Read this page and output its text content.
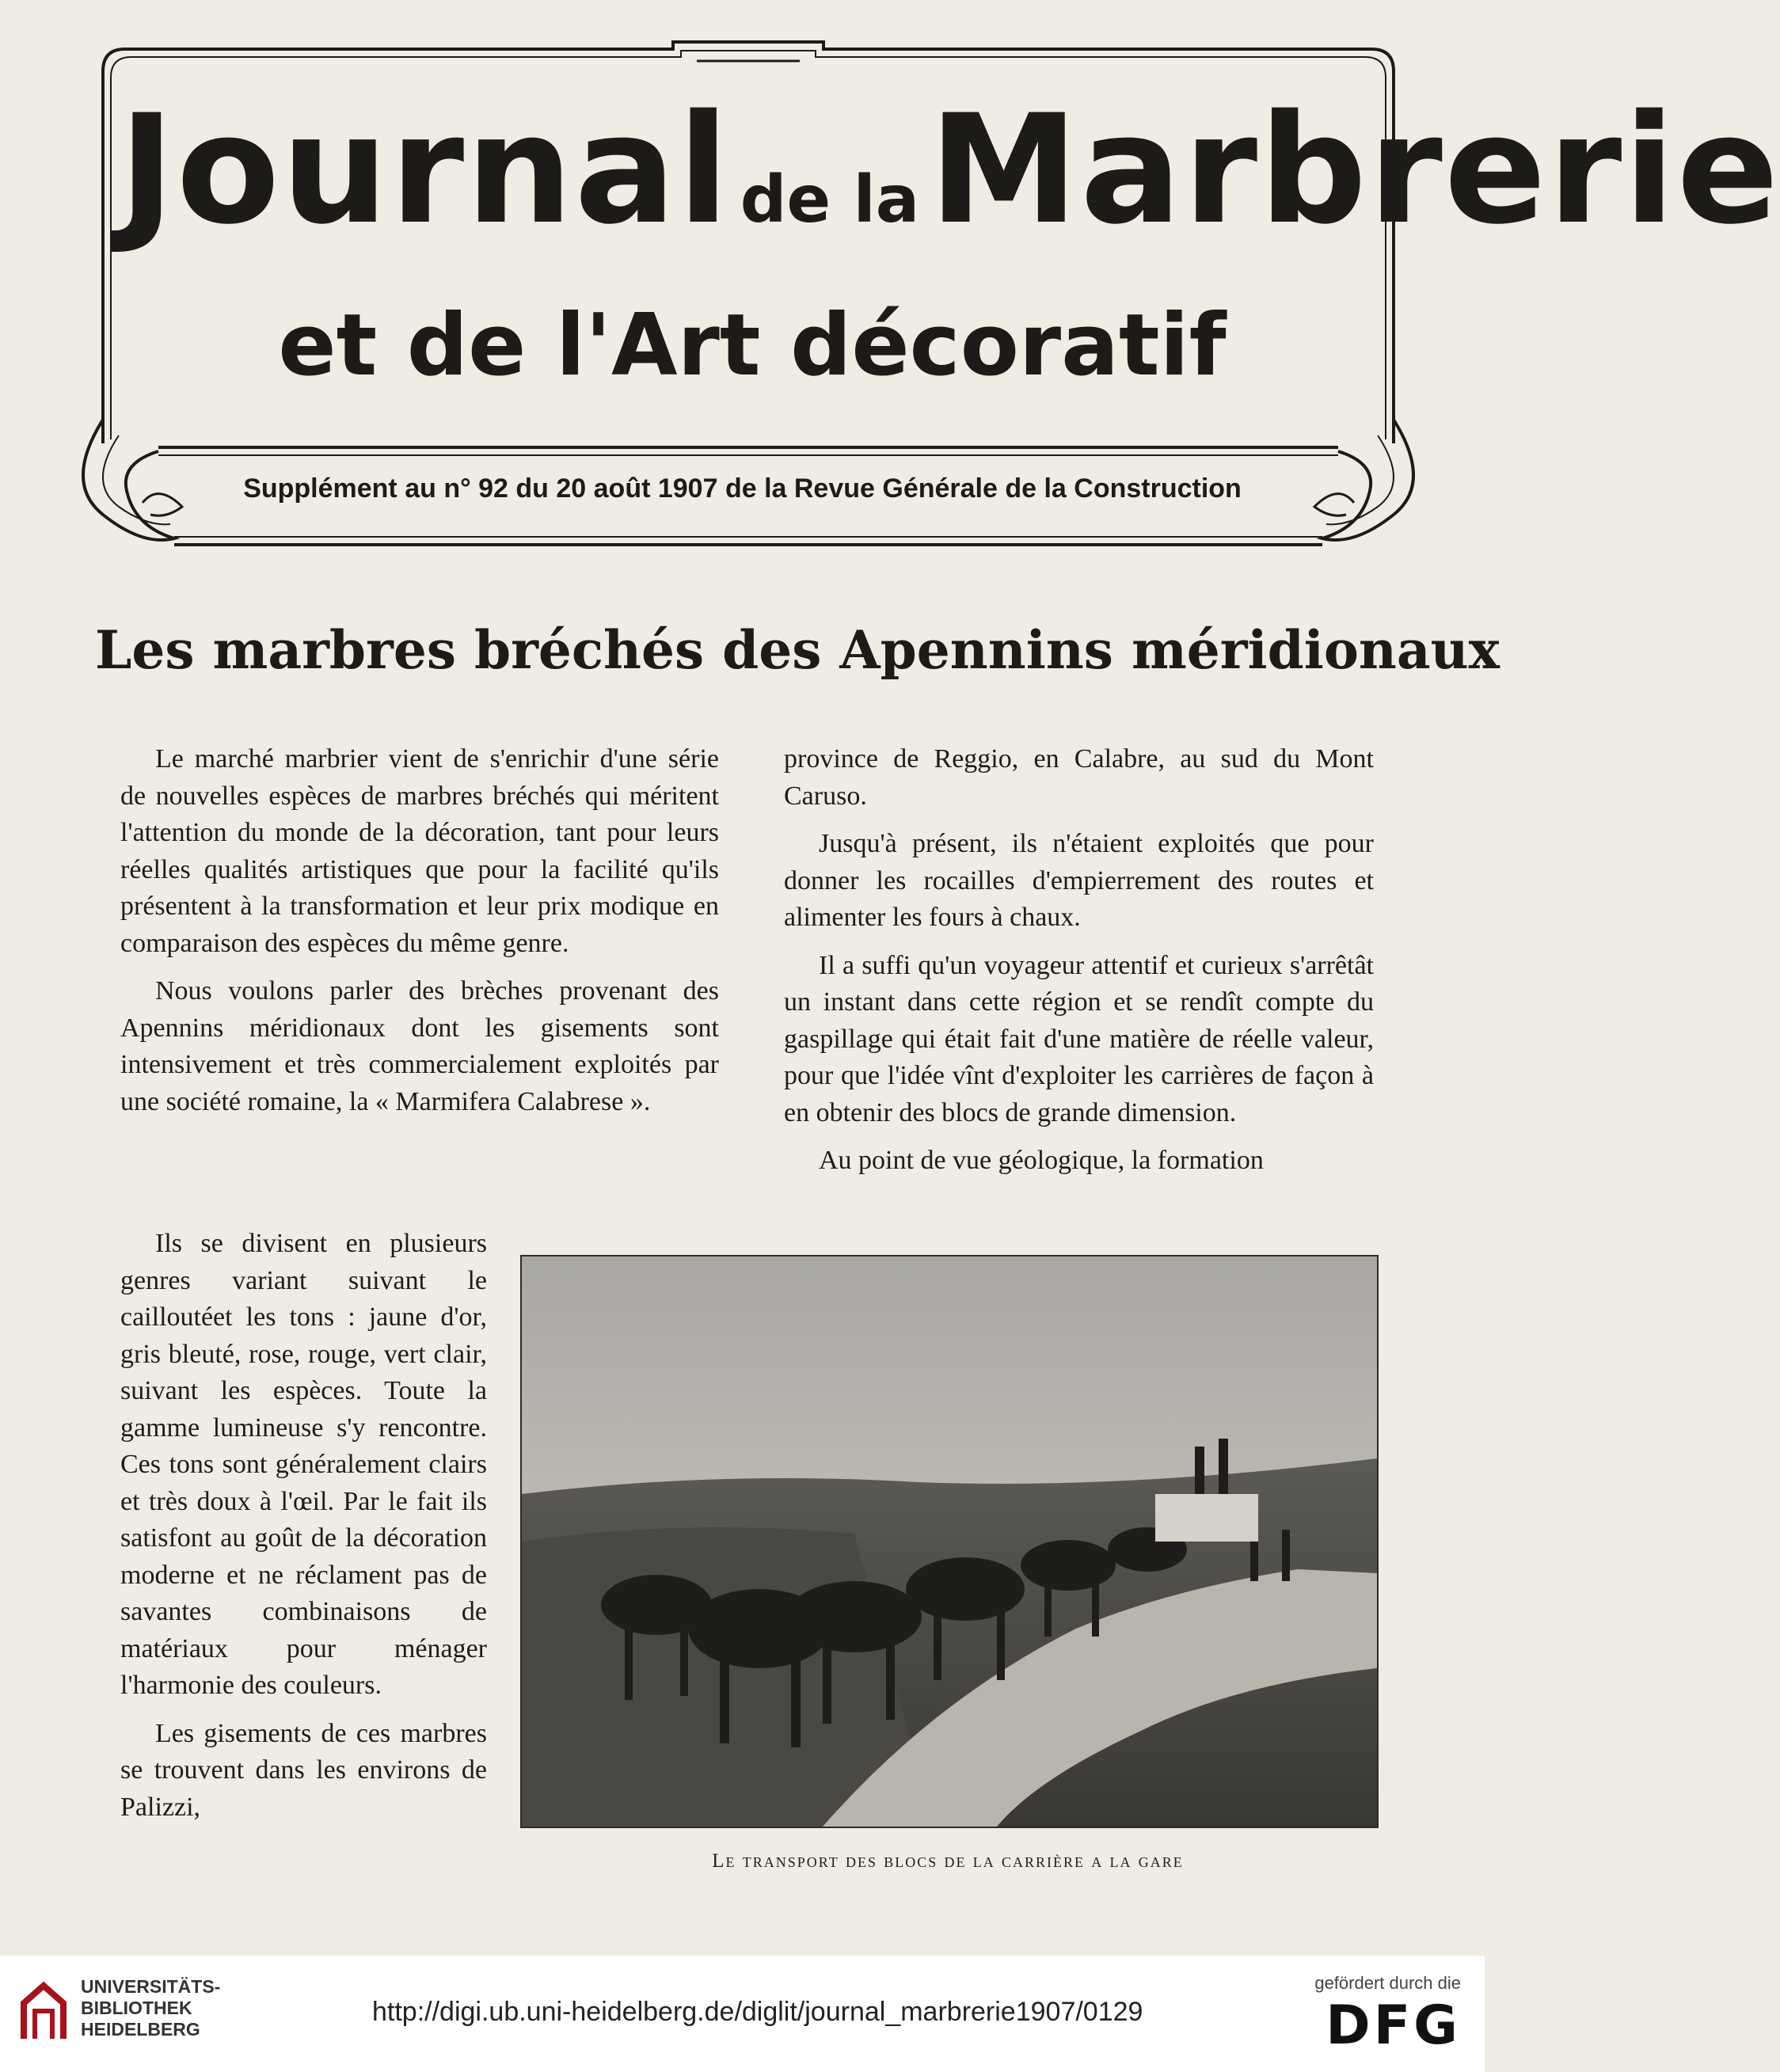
Journal de laMarbrerie
et de l'Art décoratif
Supplément au n° 92 du 20 août 1907 de la Revue Générale de la Construction
Les marbres bréchés des Apennins méridionaux

Le marché marbrier vient de s'enrichir d'une série de nouvelles espèces de marbres bréchés qui méritent l'attention du monde de la décoration, tant pour leurs réelles qualités artistiques que pour la facilité qu'ils présentent à la transformation et leur prix modique en comparaison des espèces du même genre.

Nous voulons parler des brèches provenant des Apennins méridionaux dont les gisements sont intensivement et très commercialement exploités par une société romaine, la « Marmifera Calabrese ».

Ils se divisent en plusieurs genres variant suivant le cailloutéet les tons : jaune d'or, gris bleuté, rose, rouge, vert clair, suivant les espèces. Toute la gamme lumineuse s'y rencontre. Ces tons sont généralement clairs et très doux à l'œil. Par le fait ils satisfont au goût de la décoration moderne et ne réclament pas de savantes combinaisons de matériaux pour ménager l'harmonie des couleurs.

Les gisements de ces marbres se trouvent dans les environs de Palizzi,

province de Reggio, en Calabre, au sud du Mont Caruso.

Jusqu'à présent, ils n'étaient exploités que pour donner les rocailles d'empierrement des routes et alimenter les fours à chaux.

Il a suffi qu'un voyageur attentif et curieux s'arrêtât un instant dans cette région et se rendît compte du gaspillage qui était fait d'une matière de réelle valeur, pour que l'idée vînt d'exploiter les carrières de façon à en obtenir des blocs de grande dimension.

Au point de vue géologique, la formation

Le transport des blocs de la carrière a la gare
UNIVERSITÄTS-
BIBLIOTHEK
HEIDELBERG
http://digi.ub.uni-heidelberg.de/diglit/journal_marbrerie1907/0129
gefördert durch die
DFG
